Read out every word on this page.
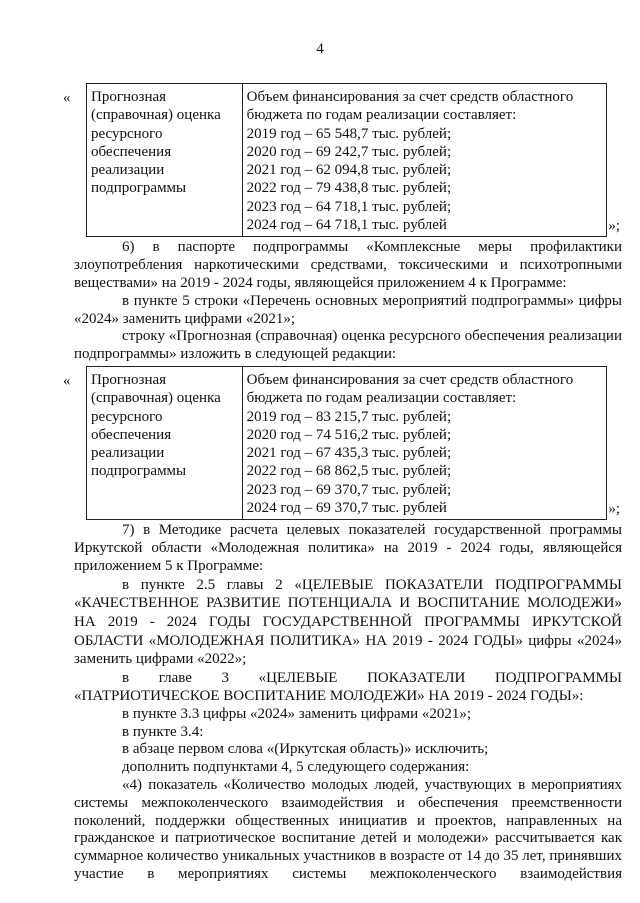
4
« Прогнозная
(справочная) оценка
ресурсного
обеспечения
реализации
подпрограммы

Объем финансирования за счет средств областного
бюджета по годам реализации составляет:
2019 год – 65 548,7 тыс. рублей;
2020 год – 69 242,7 тыс. рублей;
2021 год – 62 094,8 тыс. рублей;
2022 год – 79 438,8 тыс. рублей;
2023 год – 64 718,1 тыс. рублей;
2024 год – 64 718,1 тыс. рублей	»;

6) в паспорте подпрограммы «Комплексные меры профилактики злоупотребления наркотическими средствами, токсическими и психотропными веществами» на 2019 - 2024 годы, являющейся приложением 4 к Программе:

в пункте 5 строки «Перечень основных мероприятий подпрограммы» цифры «2024» заменить цифрами «2021»;

строку «Прогнозная (справочная) оценка ресурсного обеспечения реализации подпрограммы» изложить в следующей редакции:

« Прогнозная
(справочная) оценка
ресурсного
обеспечения
реализации
подпрограммы

Объем финансирования за счет средств областного
бюджета по годам реализации составляет:
2019 год – 83 215,7 тыс. рублей;
2020 год – 74 516,2 тыс. рублей;
2021 год – 67 435,3 тыс. рублей;
2022 год – 68 862,5 тыс. рублей;
2023 год – 69 370,7 тыс. рублей;
2024 год – 69 370,7 тыс. рублей	»;

7) в Методике расчета целевых показателей государственной программы Иркутской области «Молодежная политика» на 2019 - 2024 годы, являющейся приложением 5 к Программе:

в пункте 2.5 главы 2 «ЦЕЛЕВЫЕ ПОКАЗАТЕЛИ ПОДПРОГРАММЫ «КАЧЕСТВЕННОЕ РАЗВИТИЕ ПОТЕНЦИАЛА И ВОСПИТАНИЕ МОЛОДЕЖИ» НА 2019 - 2024 ГОДЫ ГОСУДАРСТВЕННОЙ ПРОГРАММЫ ИРКУТСКОЙ ОБЛАСТИ «МОЛОДЕЖНАЯ ПОЛИТИКА» НА 2019 - 2024 ГОДЫ» цифры «2024» заменить цифрами «2022»;

в главе 3 «ЦЕЛЕВЫЕ ПОКАЗАТЕЛИ ПОДПРОГРАММЫ «ПАТРИОТИЧЕСКОЕ ВОСПИТАНИЕ МОЛОДЕЖИ» НА 2019 - 2024 ГОДЫ»:

в пункте 3.3 цифры «2024» заменить цифрами «2021»;

в пункте 3.4:

в абзаце первом слова «(Иркутская область)» исключить;

дополнить подпунктами 4, 5 следующего содержания:

«4) показатель «Количество молодых людей, участвующих в мероприятиях системы межпоколенческого взаимодействия и обеспечения преемственности поколений, поддержки общественных инициатив и проектов, направленных на гражданское и патриотическое воспитание детей и молодежи» рассчитывается как суммарное количество уникальных участников в возрасте от 14 до 35 лет, принявших участие в мероприятиях системы межпоколенческого взаимодействия
